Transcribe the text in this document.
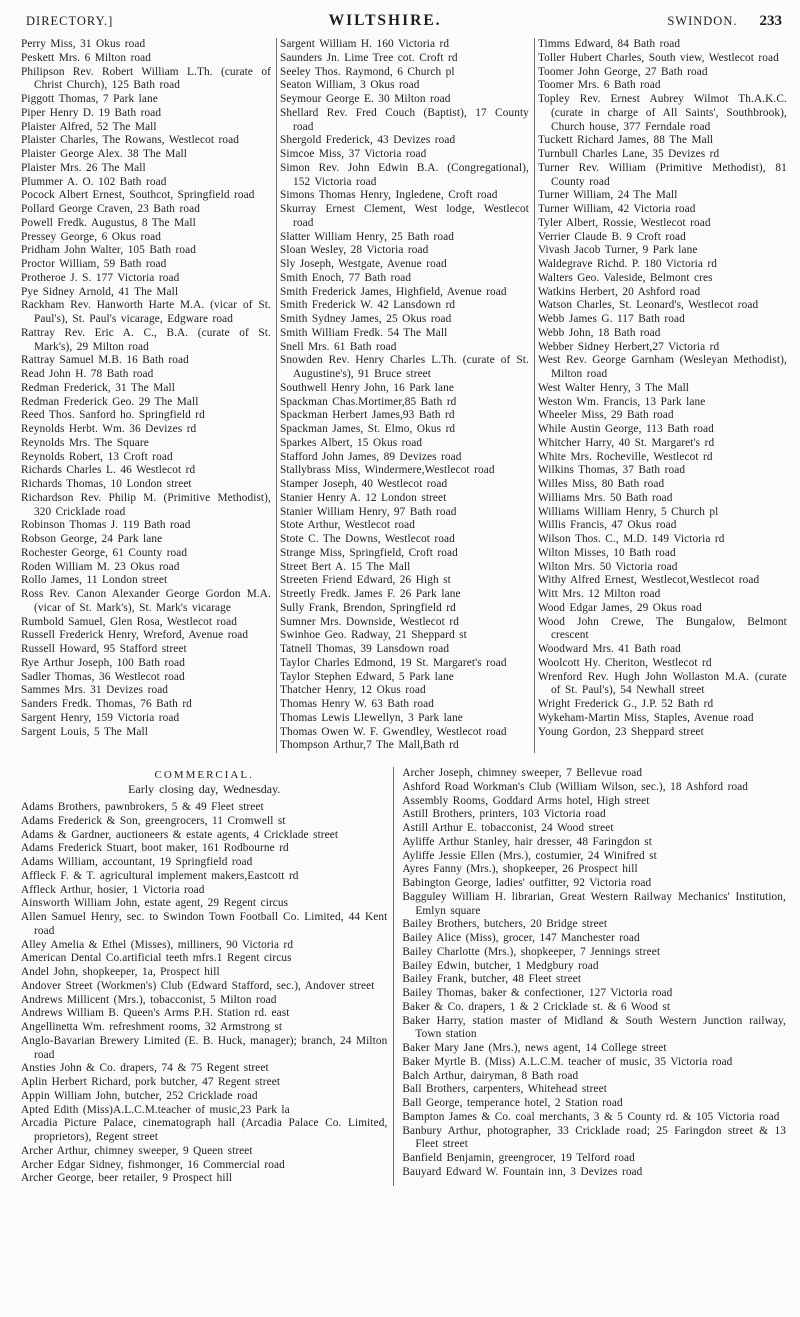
DIRECTORY.]	WILTSHIRE.	SWINDON. 233
Perry Miss, 31 Okus road
Peskett Mrs. 6 Milton road
Philipson Rev. Robert William L.Th. (curate of Christ Church), 125 Bath road
Piggott Thomas, 7 Park lane
Piper Henry D. 19 Bath road
Plaister Alfred, 52 The Mall
Plaister Charles, The Rowans, Westlecot road
Plaister George Alex. 38 The Mall
Plaister Mrs. 26 The Mall
Plummer A. O. 102 Bath road
Pocock Albert Ernest, Southcot, Springfield road
Pollard George Craven, 23 Bath road
Powell Fredk. Augustus, 8 The Mall
Pressey George, 6 Okus road
Pridham John Walter, 105 Bath road
Proctor William, 59 Bath road
Protheroe J. S. 177 Victoria road
Pye Sidney Arnold, 41 The Mall
Rackham Rev. Hanworth Harte M.A. (vicar of St. Paul's), St. Paul's vicarage, Edgware road
Rattray Rev. Eric A. C., B.A. (curate of St. Mark's), 29 Milton road
Rattray Samuel M.B. 16 Bath road
Read John H. 78 Bath road
Redman Frederick, 31 The Mall
Redman Frederick Geo. 29 The Mall
Reed Thos. Sanford ho. Springfield rd
Reynolds Herbt. Wm. 36 Devizes rd
Reynolds Mrs. The Square
Reynolds Robert, 13 Croft road
Richards Charles L. 46 Westlecot rd
Richards Thomas, 10 London street
Richardson Rev. Philip M. (Primitive Methodist), 320 Cricklade road
Robinson Thomas J. 119 Bath road
Robson George, 24 Park lane
Rochester George, 61 County road
Roden William M. 23 Okus road
Rollo James, 11 London street
Ross Rev. Canon Alexander George Gordon M.A. (vicar of St. Mark's), St. Mark's vicarage
Rumbold Samuel, Glen Rosa, Westlecot road
Russell Frederick Henry, Wreford, Avenue road
Russell Howard, 95 Stafford street
Rye Arthur Joseph, 100 Bath road
Sadler Thomas, 36 Westlecot road
Sammes Mrs. 31 Devizes road
Sanders Fredk. Thomas, 76 Bath rd
Sargent Henry, 159 Victoria road
Sargent Louis, 5 The Mall
Sargent William H. 160 Victoria rd
Saunders Jn. Lime Tree cot. Croft rd
Seeley Thos. Raymond, 6 Church pl
Seaton William, 3 Okus road
Seymour George E. 30 Milton road
Shellard Rev. Fred Couch (Baptist), 17 County road
Shergold Frederick, 43 Devizes road
Simcoe Miss, 37 Victoria road
Simon Rev. John Edwin B.A. (Congregational), 152 Victoria road
Simons Thomas Henry, Ingledene, Croft road
Skurray Ernest Clement, West lodge, Westlecot road
Slatter William Henry, 25 Bath road
Sloan Wesley, 28 Victoria road
Sly Joseph, Westgate, Avenue road
Smith Enoch, 77 Bath road
Smith Frederick James, Highfield, Avenue road
Smith Frederick W. 42 Lansdown rd
Smith Sydney James, 25 Okus road
Smith William Fredk. 54 The Mall
Snell Mrs. 61 Bath road
Snowden Rev. Henry Charles L.Th. (curate of St. Augustine's), 91 Bruce street
Southwell Henry John, 16 Park lane
Spackman Chas.Mortimer,85 Bath rd
Spackman Herbert James,93 Bath rd
Spackman James, St. Elmo, Okus rd
Sparkes Albert, 15 Okus road
Stafford John James, 89 Devizes road
Stallybrass Miss, Windermere,Westlecot road
Stamper Joseph, 40 Westlecot road
Stanier Henry A. 12 London street
Stanier William Henry, 97 Bath road
Stote Arthur, Westlecot road
Stote C. The Downs, Westlecot road
Strange Miss, Springfield, Croft road
Street Bert A. 15 The Mall
Streeten Friend Edward, 26 High st
Streetly Fredk. James F. 26 Park lane
Sully Frank, Brendon, Springfield rd
Sumner Mrs. Downside, Westlecot rd
Swinhoe Geo. Radway, 21 Sheppard st
Tatnell Thomas, 39 Lansdown road
Taylor Charles Edmond, 19 St. Margaret's road
Taylor Stephen Edward, 5 Park lane
Thatcher Henry, 12 Okus road
Thomas Henry W. 63 Bath road
Thomas Lewis Llewellyn, 3 Park lane
Thomas Owen W. F. Gwendley, Westlecot road
Thompson Arthur,7 The Mall,Bath rd
Timms Edward, 84 Bath road
Toller Hubert Charles, South view, Westlecot road
Toomer John George, 27 Bath road
Toomer Mrs. 6 Bath road
Topley Rev. Ernest Aubrey Wilmot Th.A.K.C. (curate in charge of All Saints', Southbrook), Church house, 377 Ferndale road
Tuckett Richard James, 88 The Mall
Turnbull Charles Lane, 35 Devizes rd
Turner Rev. William (Primitive Methodist), 81 County road
Turner William, 24 The Mall
Turner William, 42 Victoria road
Tyler Albert, Rossie, Westlecot road
Verrier Claude B. 9 Croft road
Vivash Jacob Turner, 9 Park lane
Waldegrave Richd. P. 180 Victoria rd
Walters Geo. Valeside, Belmont cres
Watkins Herbert, 20 Ashford road
Watson Charles, St. Leonard's, Westlecot road
Webb James G. 117 Bath road
Webb John, 18 Bath road
Webber Sidney Herbert,27 Victoria rd
West Rev. George Garnham (Wesleyan Methodist), Milton road
West Walter Henry, 3 The Mall
Weston Wm. Francis, 13 Park lane
Wheeler Miss, 29 Bath road
While Austin George, 113 Bath road
Whitcher Harry, 40 St. Margaret's rd
White Mrs. Rocheville, Westlecot rd
Wilkins Thomas, 37 Bath road
Willes Miss, 80 Bath road
Williams Mrs. 50 Bath road
Williams William Henry, 5 Church pl
Willis Francis, 47 Okus road
Wilson Thos. C., M.D. 149 Victoria rd
Wilton Misses, 10 Bath road
Wilton Mrs. 50 Victoria road
Withy Alfred Ernest, Westlecot,Westlecot road
Witt Mrs. 12 Milton road
Wood Edgar James, 29 Okus road
Wood John Crewe, The Bungalow, Belmont crescent
Woodward Mrs. 41 Bath road
Woolcott Hy. Cheriton, Westlecot rd
Wrenford Rev. Hugh John Wollaston M.A. (curate of St. Paul's), 54 Newhall street
Wright Frederick G., J.P. 52 Bath rd
Wykeham-Martin Miss, Staples, Avenue road
Young Gordon, 23 Sheppard street
COMMERCIAL.
Early closing day, Wednesday.
Adams Brothers, pawnbrokers, 5 & 49 Fleet street
Adams Frederick & Son, greengrocers, 11 Cromwell st
Adams & Gardner, auctioneers & estate agents, 4 Cricklade street
Adams Frederick Stuart, boot maker, 161 Rodbourne rd
Adams William, accountant, 19 Springfield road
Affleck F. & T. agricultural implement makers,Eastcott rd
Affleck Arthur, hosier, 1 Victoria road
Ainsworth William John, estate agent, 29 Regent circus
Allen Samuel Henry, sec. to Swindon Town Football Co. Limited, 44 Kent road
Alley Amelia & Ethel (Misses), milliners, 90 Victoria rd
American Dental Co.artificial teeth mfrs.1 Regent circus
Andel John, shopkeeper, 1a, Prospect hill
Andover Street (Workmen's) Club (Edward Stafford, sec.), Andover street
Andrews Millicent (Mrs.), tobacconist, 5 Milton road
Andrews William B. Queen's Arms P.H. Station rd. east
Angellinetta Wm. refreshment rooms, 32 Armstrong st
Anglo-Bavarian Brewery Limited (E. B. Huck, manager); branch, 24 Milton road
Ansties John & Co. drapers, 74 & 75 Regent street
Aplin Herbert Richard, pork butcher, 47 Regent street
Appin William John, butcher, 252 Cricklade road
Apted Edith (Miss)A.L.C.M.teacher of music,23 Park la
Arcadia Picture Palace, cinematograph hall (Arcadia Palace Co. Limited, proprietors), Regent street
Archer Arthur, chimney sweeper, 9 Queen street
Archer Edgar Sidney, fishmonger, 16 Commercial road
Archer George, beer retailer, 9 Prospect hill
Archer Joseph, chimney sweeper, 7 Bellevue road
Ashford Road Workman's Club (William Wilson, sec.), 18 Ashford road
Assembly Rooms, Goddard Arms hotel, High street
Astill Brothers, printers, 103 Victoria road
Astill Arthur E. tobacconist, 24 Wood street
Ayliffe Arthur Stanley, hair dresser, 48 Faringdon st
Ayliffe Jessie Ellen (Mrs.), costumier, 24 Winifred st
Ayres Fanny (Mrs.), shopkeeper, 26 Prospect hill
Babington George, ladies' outfitter, 92 Victoria road
Bagguley William H. librarian, Great Western Railway Mechanics' Institution, Emlyn square
Bailey Brothers, butchers, 20 Bridge street
Bailey Alice (Miss), grocer, 147 Manchester road
Bailey Charlotte (Mrs.), shopkeeper, 7 Jennings street
Bailey Edwin, butcher, 1 Medgbury road
Bailey Frank, butcher, 48 Fleet street
Bailey Thomas, baker & confectioner, 127 Victoria road
Baker & Co. drapers, 1 & 2 Cricklade st. & 6 Wood st
Baker Harry, station master of Midland & South Western Junction railway, Town station
Baker Mary Jane (Mrs.), news agent, 14 College street
Baker Myrtle B. (Miss) A.L.C.M. teacher of music, 35 Victoria road
Balch Arthur, dairyman, 8 Bath road
Ball Brothers, carpenters, Whitehead street
Ball George, temperance hotel, 2 Station road
Bampton James & Co. coal merchants, 3 & 5 County rd. & 105 Victoria road
Banbury Arthur, photographer, 33 Cricklade road; 25 Faringdon street & 13 Fleet street
Banfield Benjamin, greengrocer, 19 Telford road
Bauyard Edward W. Fountain inn, 3 Devizes road
